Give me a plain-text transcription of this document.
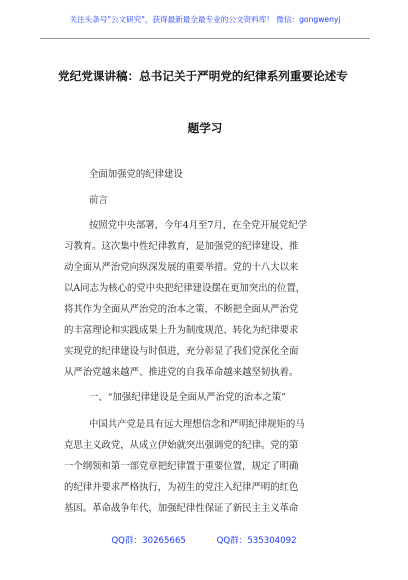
关注头条号"公文研究"，获得最新最全最专业的公文资料库！ 微信：gongwenyj
党纪党课讲稿：总书记关于严明党的纪律系列重要论述专
题学习
全面加强党的纪律建设
前言
按照党中央部署，今年4月至7月，在全党开展党纪学
习教育。这次集中性纪律教育，是加强党的纪律建设、推
动全面从严治党向纵深发展的重要举措。党的十八大以来
以A同志为核心的党中央把纪律建设摆在更加突出的位置，
将其作为全面从严治党的治本之策，不断把全面从严治党
的丰富理论和实践成果上升为制度规范、转化为纪律要求
实现党的纪律建设与时俱进，充分彰显了我们党深化全面
从严治党越来越严、推进党的自我革命越来越坚韧执着。
一、“加强纪律建设是全面从严治党的治本之策”
中国共产党是具有远大理想信念和严明纪律规矩的马
克思主义政党，从成立伊始就突出强调党的纪律。党的第
一个纲领和第一部党章把纪律置于重要位置，规定了明确
的纪律并要求严格执行，为初生的党注入纪律严明的红色
基因。革命战争年代，加强纪律性保证了新民主主义革命
QQ群：30265665	QQ群：535304092
